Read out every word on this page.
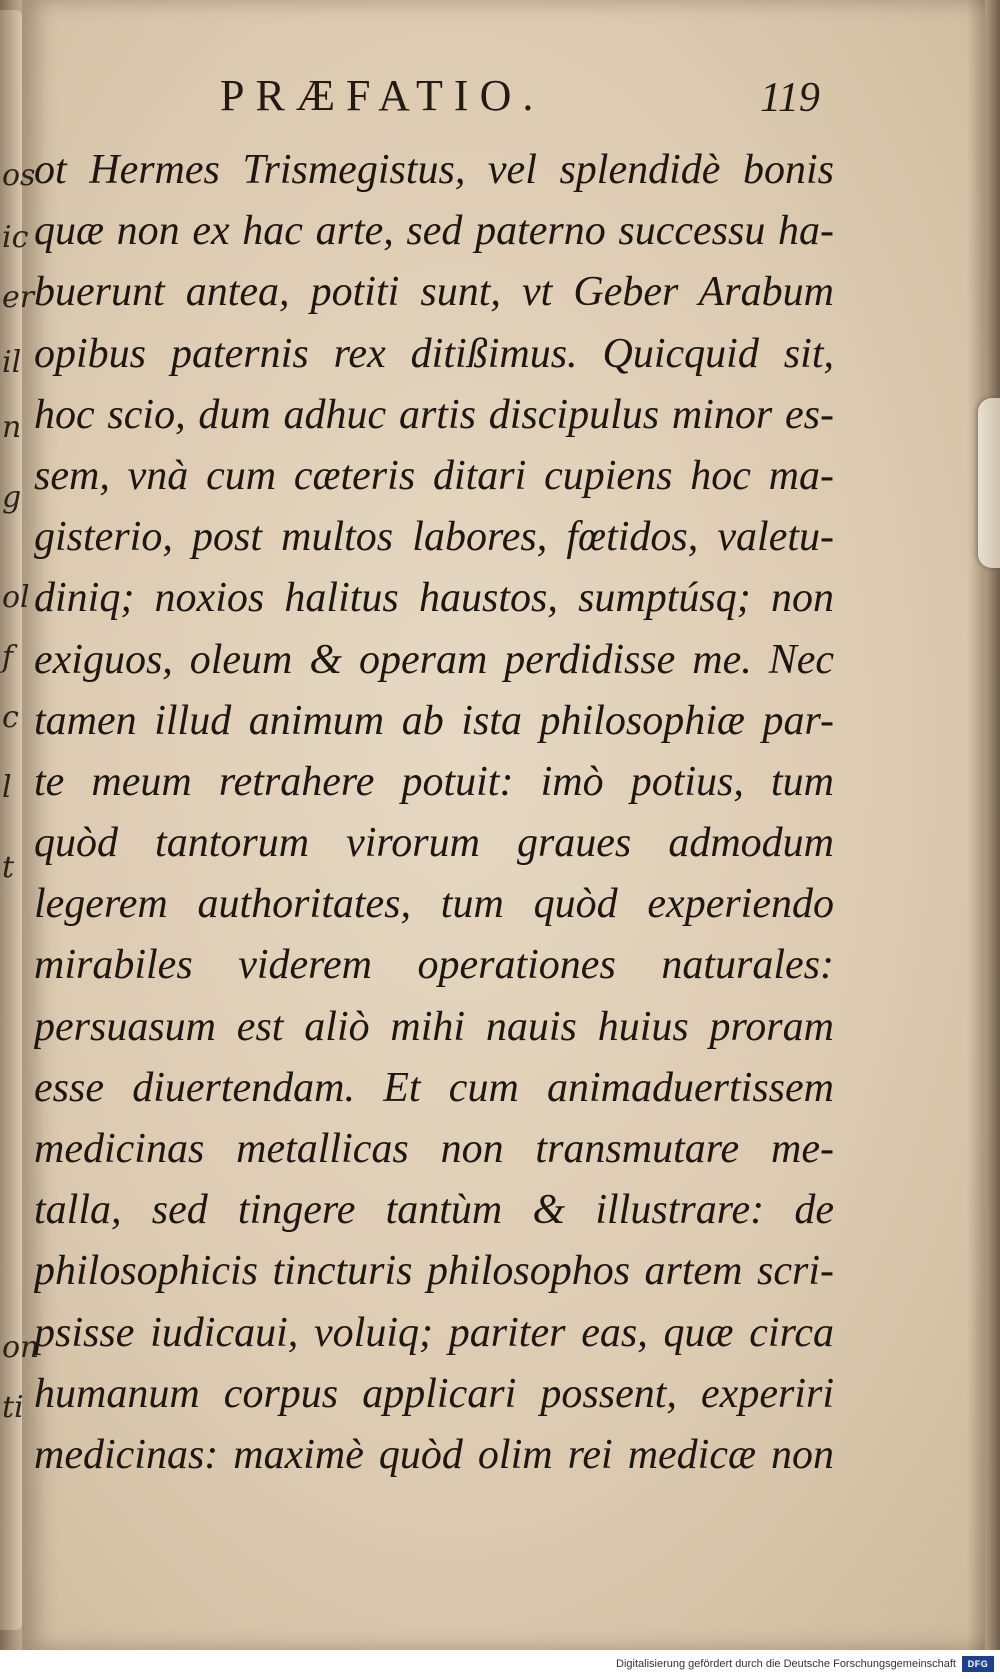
os
ic
er
il
n
g
ol
f
c
l
t
on
ti
PRÆFATIO.	119
ot Hermes Trismegistus, vel splendidè bonis
quæ non ex hac arte, sed paterno successu ha-
buerunt antea, potiti sunt, vt Geber Arabum
opibus paternis rex ditißimus. Quicquid sit,
hoc scio, dum adhuc artis discipulus minor es-
sem, vnà cum cæteris ditari cupiens hoc ma-
gisterio, post multos labores, fœtidos, valetu-
diniq; noxios halitus haustos, sumptúsq; non
exiguos, oleum & operam perdidisse me. Nec
tamen illud animum ab ista philosophiæ par-
te meum retrahere potuit: imò potius, tum
quòd tantorum virorum graues admodum
legerem authoritates, tum quòd experiendo
mirabiles viderem operationes naturales:
persuasum est aliò mihi nauis huius proram
esse diuertendam. Et cum animaduertissem
medicinas metallicas non transmutare me-
talla, sed tingere tantùm & illustrare: de
philosophicis tincturis philosophos artem scri-
psisse iudicaui, voluiq; pariter eas, quæ circa
humanum corpus applicari possent, experiri
medicinas: maximè quòd olim rei medicæ non
Digitalisierung gefördert durch die Deutsche Forschungsgemeinschaft	DFG
